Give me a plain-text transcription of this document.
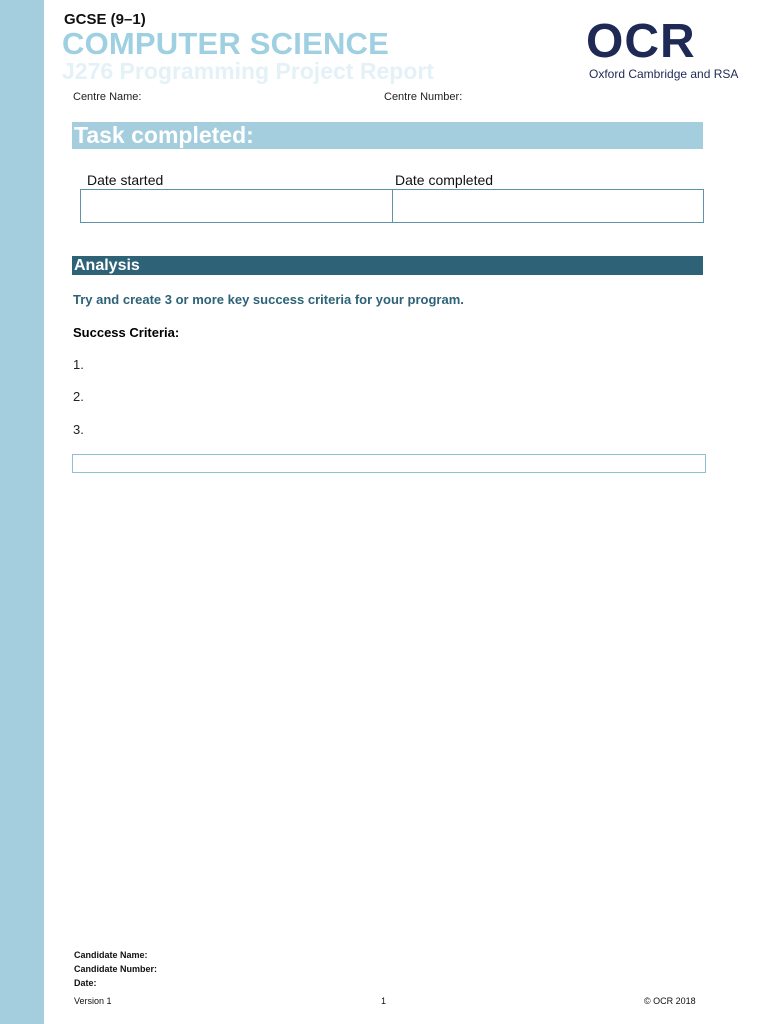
GCSE (9–1)
COMPUTER SCIENCE
J276 Programming Project Report
OCR
Oxford Cambridge and RSA
Centre Name:	Centre Number:
Task completed:
Date started	Date completed
Analysis
Try and create 3 or more key success criteria for your program.
Success Criteria:
1.
2.
3.
Candidate Name:
Candidate Number:
Date:
Version 1	1	© OCR 2018
